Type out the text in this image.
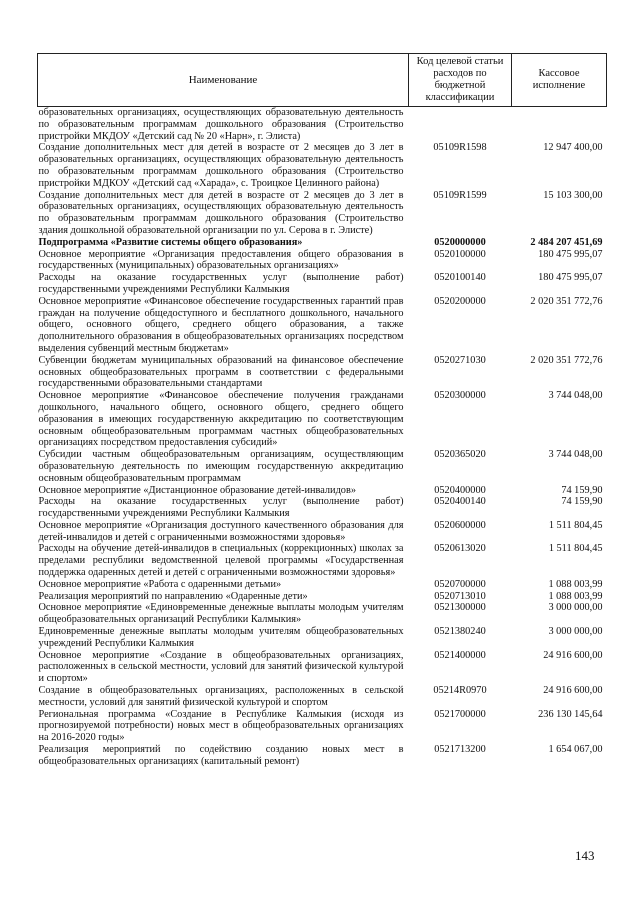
Наименование	Код целевой статьи расходов по бюджетной классификации	Кассовое исполнение
образовательных организациях, осуществляющих образовательную деятельность по образовательным программам дошкольного образования (Строительство пристройки МКДОУ «Детский сад № 20 «Нарн», г. Элиста)		
Создание дополнительных мест для детей в возрасте от 2 месяцев до 3 лет в образовательных организациях, осуществляющих образовательную деятельность по образовательным программам дошкольного образования (Строительство пристройки МДКОУ «Детский сад «Харада», с. Троицкое Целинного района)	05109R1598	12 947 400,00
Создание дополнительных мест для детей в возрасте от 2 месяцев до 3 лет в образовательных организациях, осуществляющих образовательную деятельность по образовательным программам дошкольного образования (Строительство здания дошкольной образовательной организации по ул. Серова в г. Элисте)	05109R1599	15 103 300,00
Подпрограмма «Развитие системы общего образования»	0520000000	2 484 207 451,69
Основное мероприятие «Организация предоставления общего образования в государственных (муниципальных) образовательных организациях»	0520100000	180 475 995,07
Расходы на оказание государственных услуг (выполнение работ) государственными учреждениями Республики Калмыкия	0520100140	180 475 995,07
Основное мероприятие «Финансовое обеспечение государственных гарантий прав граждан на получение общедоступного и бесплатного дошкольного, начального общего, основного общего, среднего общего образования, а также дополнительного образования в общеобразовательных организациях посредством выделения субвенций местным бюджетам»	0520200000	2 020 351 772,76
Субвенции бюджетам муниципальных образований на финансовое обеспечение основных общеобразовательных программ в соответствии с федеральными государственными образовательными стандартами	0520271030	2 020 351 772,76
Основное мероприятие «Финансовое обеспечение получения гражданами дошкольного, начального общего, основного общего, среднего общего образования в имеющих государственную аккредитацию по соответствующим основным общеобразовательным программам частных общеобразовательных организациях посредством предоставления субсидий»	0520300000	3 744 048,00
Субсидии частным общеобразовательным организациям, осуществляющим образовательную деятельность по имеющим государственную аккредитацию основным общеобразовательным программам	0520365020	3 744 048,00
Основное мероприятие «Дистанционное образование детей-инвалидов»	0520400000	74 159,90
Расходы на оказание государственных услуг (выполнение работ) государственными учреждениями Республики Калмыкия	0520400140	74 159,90
Основное мероприятие «Организация доступного качественного образования для детей-инвалидов и детей с ограниченными возможностями здоровья»	0520600000	1 511 804,45
Расходы на обучение детей-инвалидов в специальных (коррекционных) школах за пределами республики ведомственной целевой программы «Государственная поддержка одаренных детей и детей с ограниченными возможностями здоровья»	0520613020	1 511 804,45
Основное мероприятие «Работа с одаренными детьми»	0520700000	1 088 003,99
Реализация мероприятий по направлению «Одаренные дети»	0520713010	1 088 003,99
Основное мероприятие «Единовременные денежные выплаты молодым учителям общеобразовательных организаций Республики Калмыкия»	0521300000	3 000 000,00
Единовременные денежные выплаты молодым учителям общеобразовательных учреждений Республики Калмыкия	0521380240	3 000 000,00
Основное мероприятие «Создание в общеобразовательных организациях, расположенных в сельской местности, условий для занятий физической культурой и спортом»	0521400000	24 916 600,00
Создание в общеобразовательных организациях, расположенных в сельской местности, условий для занятий физической культурой и спортом	05214R0970	24 916 600,00
Региональная программа «Создание в Республике Калмыкия (исходя из прогнозируемой потребности) новых мест в общеобразовательных организациях на 2016-2020 годы»	0521700000	236 130 145,64
Реализация мероприятий по содействию созданию новых мест в общеобразовательных организациях (капитальный ремонт)	0521713200	1 654 067,00
143
